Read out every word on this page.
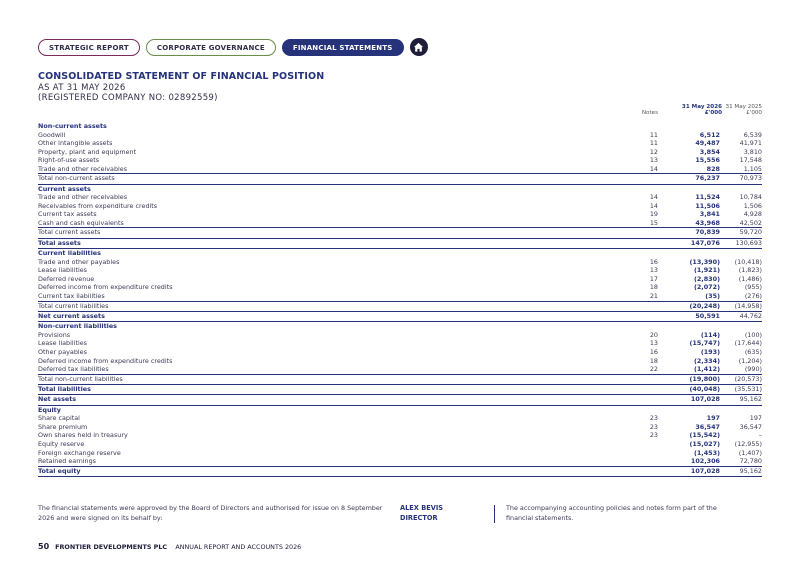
STRATEGIC REPORT	CORPORATE GOVERNANCE	FINANCIAL STATEMENTS
CONSOLIDATED STATEMENT OF FINANCIAL POSITION
AS AT 31 MAY 2026
(REGISTERED COMPANY NO: 02892559)
Notes
31 May 2026
£'000
31 May 2025
£'000
Non-current assets			
Goodwill	11	6,512	6,539
Other intangible assets	11	49,487	41,971
Property, plant and equipment	12	3,854	3,810
Right-of-use assets	13	15,556	17,548
Trade and other receivables	14	828	1,105
Total non-current assets		76,237	70,973
Current assets			
Trade and other receivables	14	11,524	10,784
Receivables from expenditure credits	14	11,506	1,506
Current tax assets	19	3,841	4,928
Cash and cash equivalents	15	43,968	42,502
Total current assets		70,839	59,720
Total assets		147,076	130,693
Current liabilities			
Trade and other payables	16	(13,390)	(10,418)
Lease liabilities	13	(1,921)	(1,823)
Deferred revenue	17	(2,830)	(1,486)
Deferred income from expenditure credits	18	(2,072)	(955)
Current tax liabilities	21	(35)	(276)
Total current liabilities		(20,248)	(14,958)
Net current assets		50,591	44,762
Non-current liabilities			
Provisions	20	(114)	(100)
Lease liabilities	13	(15,747)	(17,644)
Other payables	16	(193)	(635)
Deferred income from expenditure credits	18	(2,334)	(1,204)
Deferred tax liabilities	22	(1,412)	(990)
Total non-current liabilities		(19,800)	(20,573)
Total liabilities		(40,048)	(35,531)
Net assets		107,028	95,162
Equity			
Share capital	23	197	197
Share premium	23	36,547	36,547
Own shares held in treasury	23	(15,542)	–
Equity reserve		(15,027)	(12,955)
Foreign exchange reserve		(1,453)	(1,407)
Retained earnings		102,306	72,780
Total equity		107,028	95,162
The financial statements were approved by the Board of Directors and authorised for issue on 8 September 2026 and were signed on its behalf by:
ALEX BEVIS
DIRECTOR
The accompanying accounting policies and notes form part of the financial statements.
50 FRONTIER DEVELOPMENTS PLC ANNUAL REPORT AND ACCOUNTS 2026
